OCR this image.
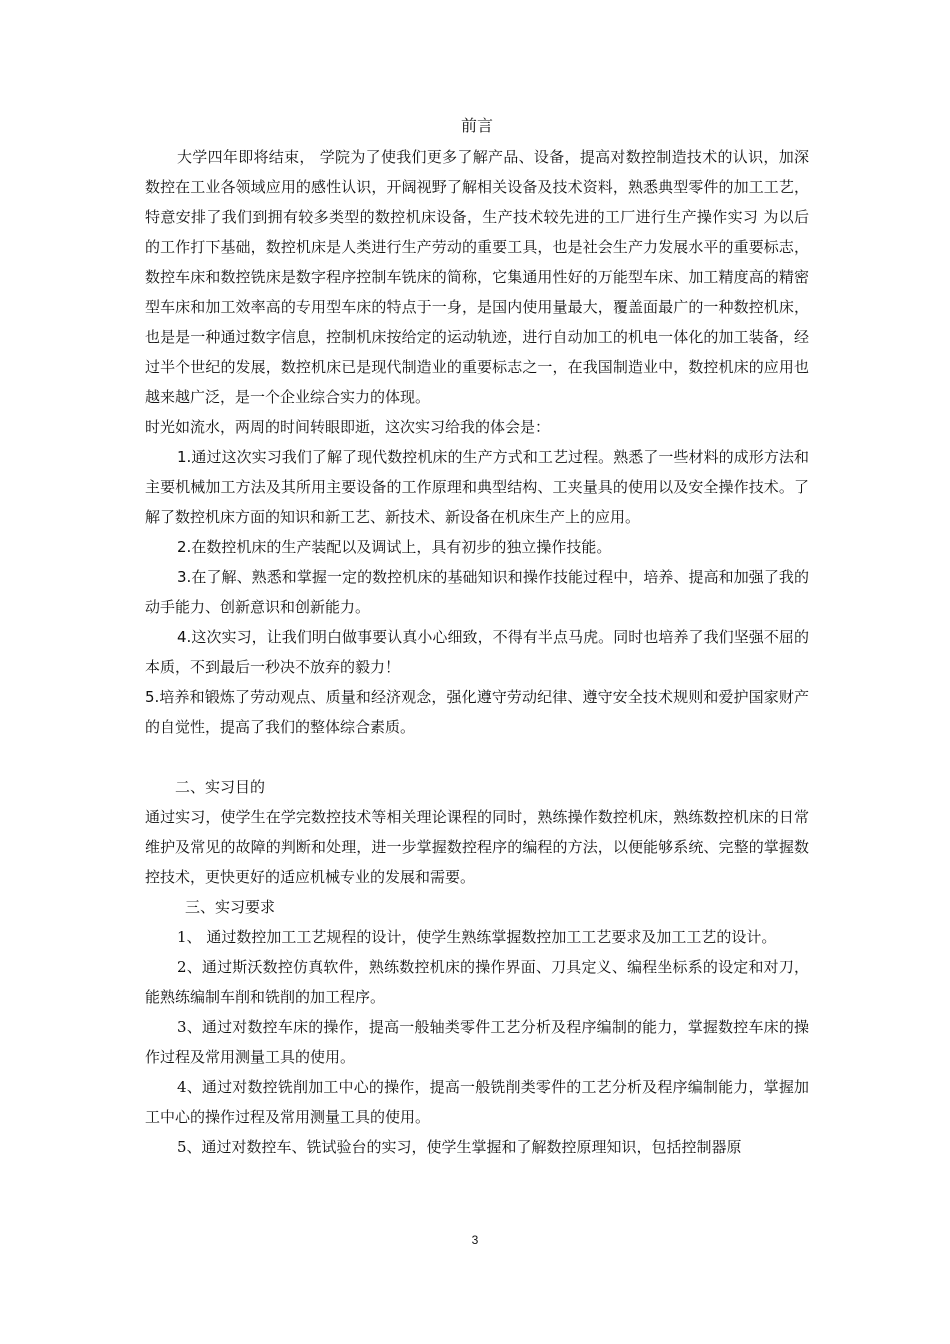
前言

大学四年即将结束， 学院为了使我们更多了解产品、设备，提高对数控制造技术的认识，加深数控在工业各领域应用的感性认识，开阔视野了解相关设备及技术资料，熟悉典型零件的加工工艺，特意安排了我们到拥有较多类型的数控机床设备，生产技术较先进的工厂进行生产操作实习 为以后的工作打下基础，数控机床是人类进行生产劳动的重要工具，也是社会生产力发展水平的重要标志，数控车床和数控铣床是数字程序控制车铣床的简称，它集通用性好的万能型车床、加工精度高的精密型车床和加工效率高的专用型车床的特点于一身，是国内使用量最大，覆盖面最广的一种数控机床，也是是一种通过数字信息，控制机床按给定的运动轨迹，进行自动加工的机电一体化的加工装备，经过半个世纪的发展，数控机床已是现代制造业的重要标志之一，在我国制造业中，数控机床的应用也越来越广泛，是一个企业综合实力的体现。

时光如流水，两周的时间转眼即逝，这次实习给我的体会是：

1.通过这次实习我们了解了现代数控机床的生产方式和工艺过程。熟悉了一些材料的成形方法和主要机械加工方法及其所用主要设备的工作原理和典型结构、工夹量具的使用以及安全操作技术。了解了数控机床方面的知识和新工艺、新技术、新设备在机床生产上的应用。

2.在数控机床的生产装配以及调试上，具有初步的独立操作技能。

3.在了解、熟悉和掌握一定的数控机床的基础知识和操作技能过程中，培养、提高和加强了我的动手能力、创新意识和创新能力。

4.这次实习，让我们明白做事要认真小心细致，不得有半点马虎。同时也培养了我们坚强不屈的本质，不到最后一秒决不放弃的毅力！

5.培养和锻炼了劳动观点、质量和经济观念，强化遵守劳动纪律、遵守安全技术规则和爱护国家财产的自觉性，提高了我们的整体综合素质。

二、实习目的

通过实习，使学生在学完数控技术等相关理论课程的同时，熟练操作数控机床，熟练数控机床的日常维护及常见的故障的判断和处理，进一步掌握数控程序的编程的方法，以便能够系统、完整的掌握数控技术，更快更好的适应机械专业的发展和需要。

三、实习要求

1、 通过数控加工工艺规程的设计，使学生熟练掌握数控加工工艺要求及加工工艺的设计。

2、通过斯沃数控仿真软件，熟练数控机床的操作界面、刀具定义、编程坐标系的设定和对刀，能熟练编制车削和铣削的加工程序。

3、通过对数控车床的操作，提高一般轴类零件工艺分析及程序编制的能力，掌握数控车床的操作过程及常用测量工具的使用。

4、通过对数控铣削加工中心的操作，提高一般铣削类零件的工艺分析及程序编制能力，掌握加工中心的操作过程及常用测量工具的使用。

5、通过对数控车、铣试验台的实习，使学生掌握和了解数控原理知识，包括控制器原

3
